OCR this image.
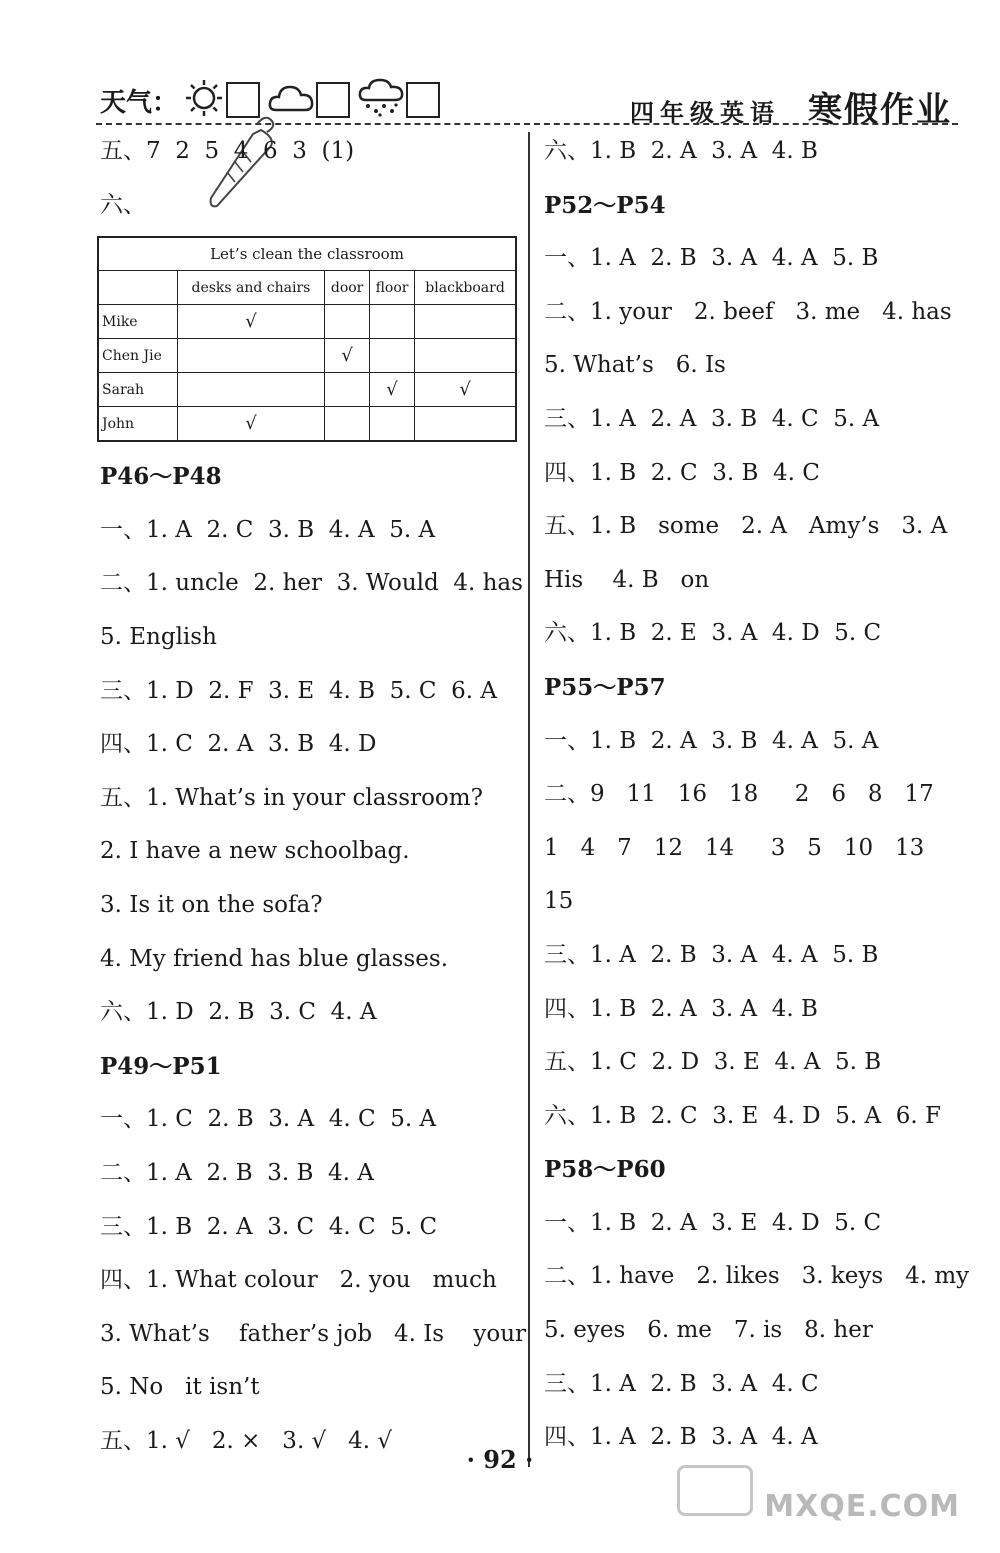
天气：	四年级英语 寒假作业
五、7  2  5  4  6  3  (1)
六、
Let’s clean the classroom				
	desks and chairs	door	floor	blackboard
Mike	√			
Chen Jie		√		
Sarah			√	√
John	√			
P46～P48
一、1. A  2. C  3. B  4. A  5. A
二、1. uncle  2. her  3. Would  4. has
5. English
三、1. D  2. F  3. E  4. B  5. C  6. A
四、1. C  2. A  3. B  4. D
五、1. What’s in your classroom?
2. I have a new schoolbag.
3. Is it on the sofa?
4. My friend has blue glasses.
六、1. D  2. B  3. C  4. A
P49～P51
一、1. C  2. B  3. A  4. C  5. A
二、1. A  2. B  3. B  4. A
三、1. B  2. A  3. C  4. C  5. C
四、1. What colour   2. you   much
3. What’s    father’s job   4. Is    your
5. No   it isn’t
五、1. √   2. ×   3. √   4. √
六、1. B  2. A  3. A  4. B
P52～P54
一、1. A  2. B  3. A  4. A  5. B
二、1. your   2. beef   3. me   4. has
5. What’s   6. Is
三、1. A  2. A  3. B  4. C  5. A
四、1. B  2. C  3. B  4. C
五、1. B   some   2. A   Amy’s   3. A
His    4. B   on
六、1. B  2. E  3. A  4. D  5. C
P55～P57
一、1. B  2. A  3. B  4. A  5. A
二、9   11   16   18     2   6   8   17
1   4   7   12   14     3   5   10   13
15
三、1. A  2. B  3. A  4. A  5. B
四、1. B  2. A  3. A  4. B
五、1. C  2. D  3. E  4. A  5. B
六、1. B  2. C  3. E  4. D  5. A  6. F
P58～P60
一、1. B  2. A  3. E  4. D  5. C
二、1. have   2. likes   3. keys   4. my
5. eyes   6. me   7. is   8. her
三、1. A  2. B  3. A  4. C
四、1. A  2. B  3. A  4. A
· 92 ·
MXQE.COM
